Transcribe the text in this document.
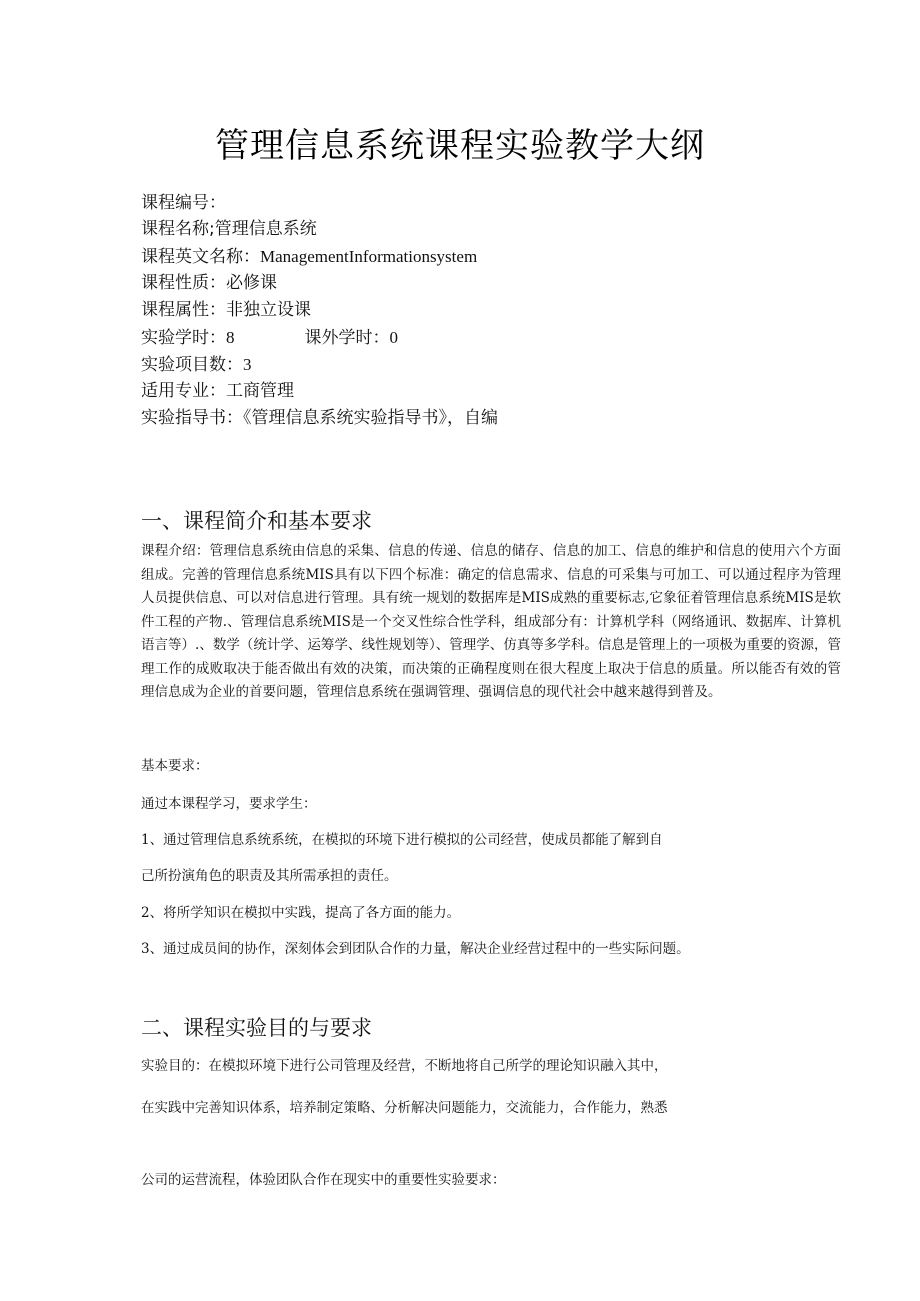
管理信息系统课程实验教学大纲
课程编号：
课程名称;管理信息系统
课程英文名称：ManagementInformationsystem
课程性质：必修课
课程属性：非独立设课
实验学时：8	课外学时：0
实验项目数：3
适用专业：工商管理
实验指导书：《管理信息系统实验指导书》，自编
一、课程简介和基本要求
课程介绍：管理信息系统由信息的采集、信息的传递、信息的储存、信息的加工、信息的维护和信息的使用六个方面组成。完善的管理信息系统MIS具有以下四个标准：确定的信息需求、信息的可采集与可加工、可以通过程序为管理人员提供信息、可以对信息进行管理。具有统一规划的数据库是MIS成熟的重要标志,它象征着管理信息系统MIS是软件工程的产物.、管理信息系统MIS是一个交叉性综合性学科，组成部分有：计算机学科（网络通讯、数据库、计算机语言等）.、数学（统计学、运筹学、线性规划等）、管理学、仿真等多学科。信息是管理上的一项极为重要的资源，管理工作的成败取决于能否做出有效的决策，而决策的正确程度则在很大程度上取决于信息的质量。所以能否有效的管理信息成为企业的首要问题，管理信息系统在强调管理、强调信息的现代社会中越来越得到普及。
基本要求：
通过本课程学习，要求学生：
1、通过管理信息系统系统，在模拟的环境下进行模拟的公司经营，使成员都能了解到自
己所扮演角色的职责及其所需承担的责任。
2、将所学知识在模拟中实践，提高了各方面的能力。
3、通过成员间的协作，深刻体会到团队合作的力量，解决企业经营过程中的一些实际问题。
二、课程实验目的与要求
实验目的：在模拟环境下进行公司管理及经营，不断地将自己所学的理论知识融入其中，
在实践中完善知识体系，培养制定策略、分析解决问题能力，交流能力，合作能力，熟悉
公司的运营流程，体验团队合作在现实中的重要性实验要求：
